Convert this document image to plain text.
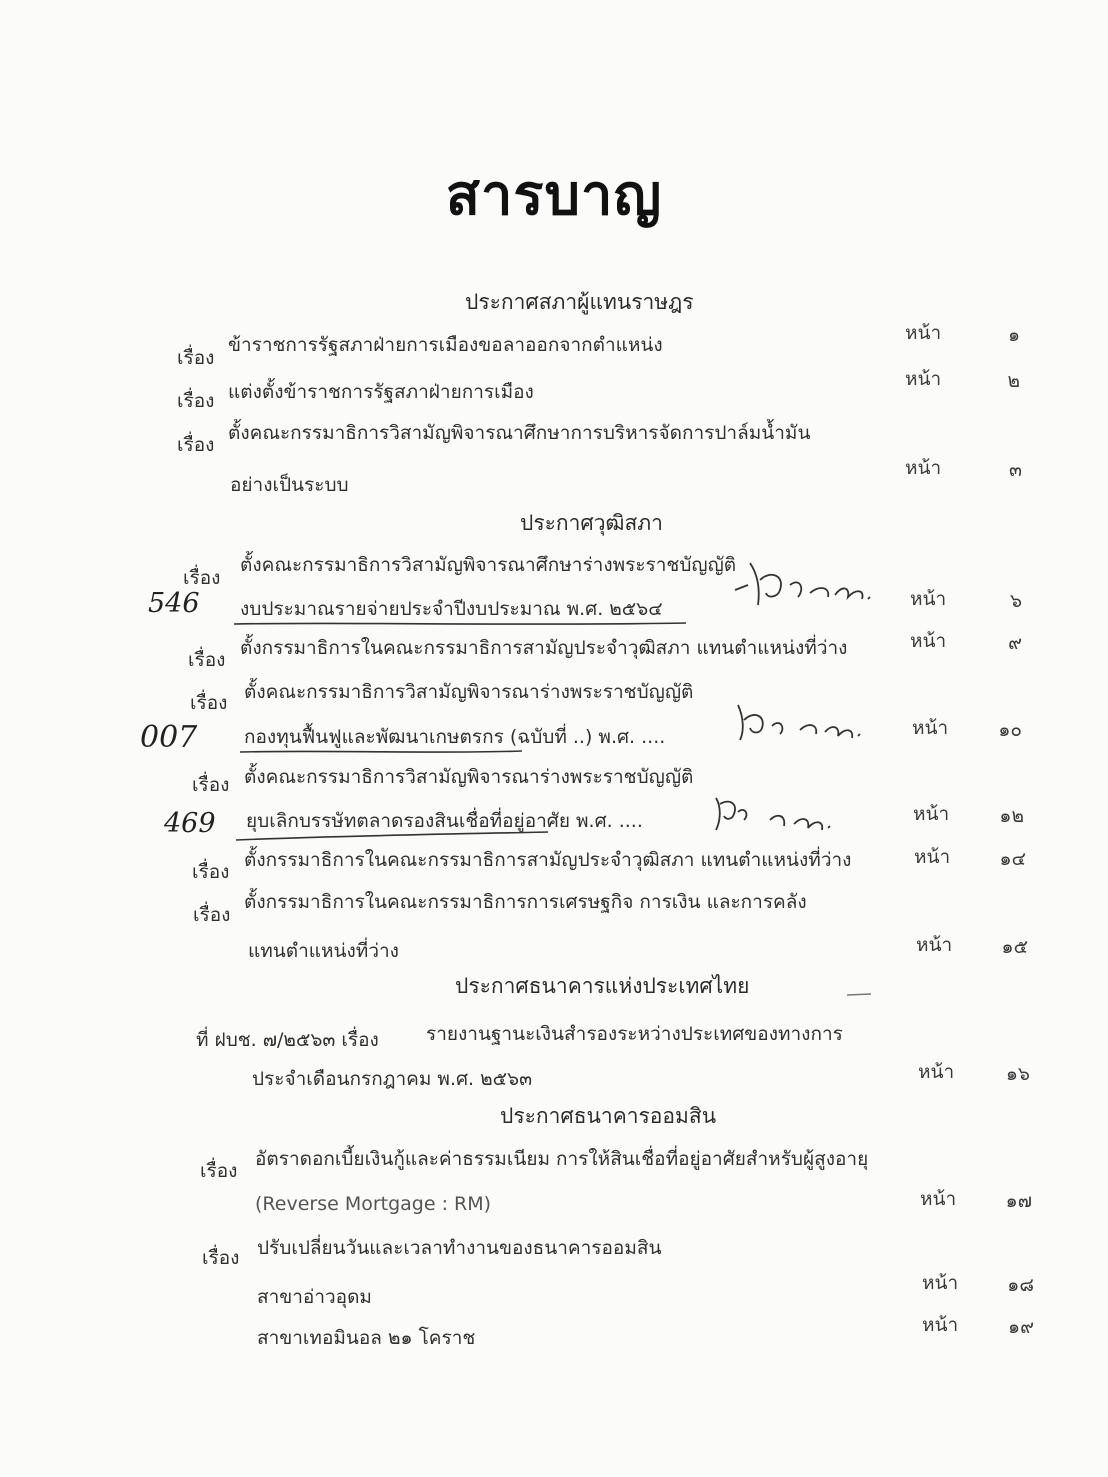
สารบาญ
ประกาศสภาผู้แทนราษฎร
เรื่อง
ข้าราชการรัฐสภาฝ่ายการเมืองขอลาออกจากตำแหน่ง
หน้า	๑
เรื่อง แต่งตั้งข้าราชการรัฐสภาฝ่ายการเมือง
หน้า	๒
เรื่อง
ตั้งคณะกรรมาธิการวิสามัญพิจารณาศึกษาการบริหารจัดการปาล์มน้ำมัน
อย่างเป็นระบบ
หน้า	๓
ประกาศวุฒิสภา
เรื่อง
ตั้งคณะกรรมาธิการวิสามัญพิจารณาศึกษาร่างพระราชบัญญัติ
งบประมาณรายจ่ายประจำปีงบประมาณ พ.ศ. ๒๕๖๔	หน้า	๖
เรื่อง
ตั้งกรรมาธิการในคณะกรรมาธิการสามัญประจำวุฒิสภา แทนตำแหน่งที่ว่าง	หน้า	๙
เรื่อง ตั้งคณะกรรมาธิการวิสามัญพิจารณาร่างพระราชบัญญัติ
กองทุนฟื้นฟูและพัฒนาเกษตรกร (ฉบับที่ ..) พ.ศ. ....	หน้า	๑๐
เรื่อง ตั้งคณะกรรมาธิการวิสามัญพิจารณาร่างพระราชบัญญัติ
ยุบเลิกบรรษัทตลาดรองสินเชื่อที่อยู่อาศัย พ.ศ. ....	หน้า	๑๒
เรื่อง
ตั้งกรรมาธิการในคณะกรรมาธิการสามัญประจำวุฒิสภา แทนตำแหน่งที่ว่าง	หน้า	๑๔
เรื่อง
ตั้งกรรมาธิการในคณะกรรมาธิการการเศรษฐกิจ การเงิน และการคลัง
แทนตำแหน่งที่ว่าง	หน้า	๑๕
ประกาศธนาคารแห่งประเทศไทย
ที่ ฝบช. ๗/๒๕๖๓ เรื่อง รายงานฐานะเงินสำรองระหว่างประเทศของทางการ
ประจำเดือนกรกฎาคม พ.ศ. ๒๕๖๓	หน้า	๑๖
ประกาศธนาคารออมสิน
เรื่อง
อัตราดอกเบี้ยเงินกู้และค่าธรรมเนียม การให้สินเชื่อที่อยู่อาศัยสำหรับผู้สูงอายุ
(Reverse Mortgage : RM)	หน้า	๑๗
เรื่อง ปรับเปลี่ยนวันและเวลาทำงานของธนาคารออมสิน
สาขาอ่าวอุดม
หน้า	๑๘
สาขาเทอมินอล ๒๑ โคราช
หน้า	๑๙
546
007
469
